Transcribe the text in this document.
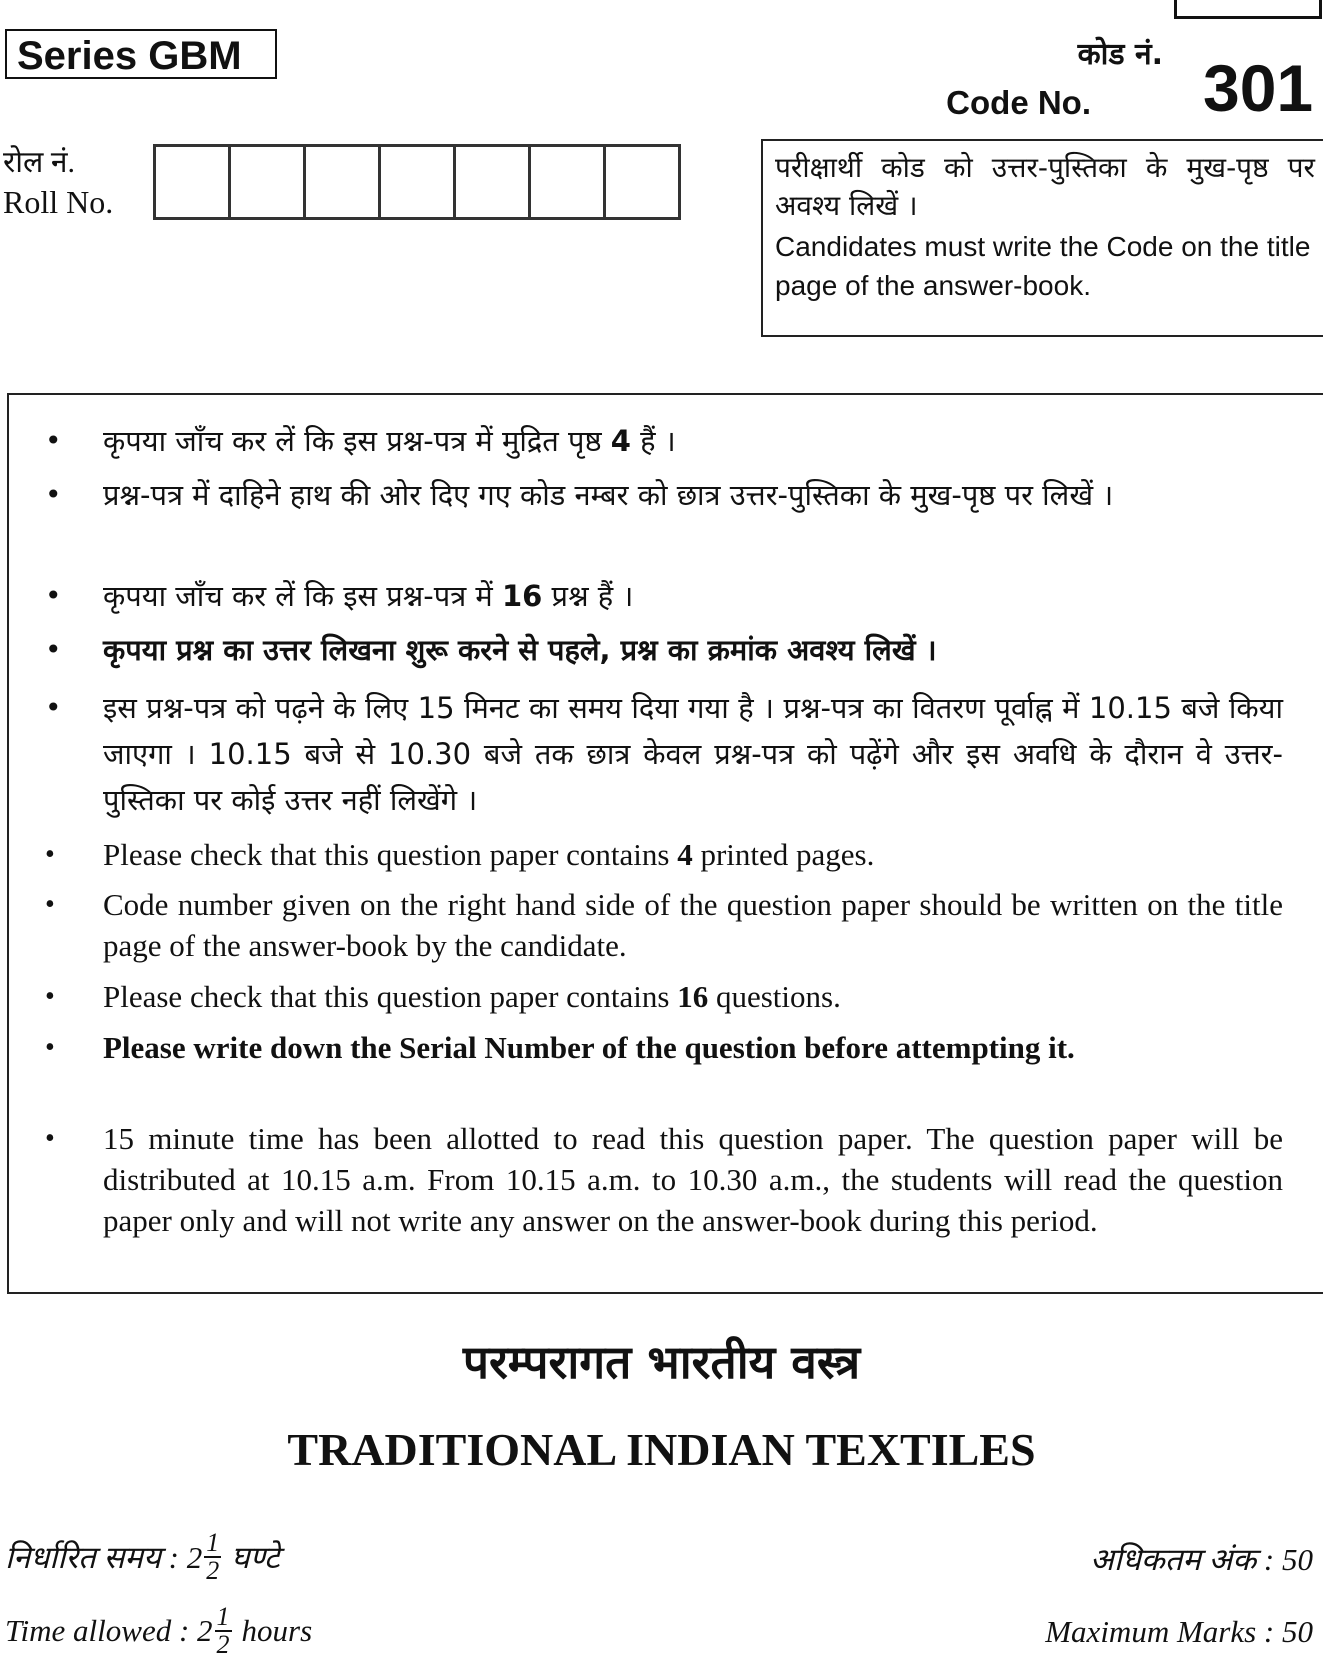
Series GBM	कोड नं.
Code No. 301
रोल नं.
Roll No.
परीक्षार्थी कोड को उत्तर-पुस्तिका के मुख-पृष्ठ पर अवश्य लिखें ।
Candidates must write the Code on the title page of the answer-book.
परम्परागत भारतीय वस्त्र
TRADITIONAL INDIAN TEXTILES
निर्धारित समय : $2 \frac{1}{2}$ घण्टे	अधिकतम अंक : 50
Time allowed : $2 \frac{1}{2}$ hours	Maximum Marks : 50
• कृपया जाँच कर लें कि इस प्रश्न-पत्र में मुद्रित पृष्ठ 4 हैं ।
• प्रश्न-पत्र में दाहिने हाथ की ओर दिए गए कोड नम्बर को छात्र उत्तर-पुस्तिका के मुख-पृष्ठ पर लिखें ।
• कृपया जाँच कर लें कि इस प्रश्न-पत्र में 16 प्रश्न हैं ।
• कृपया प्रश्न का उत्तर लिखना शुरू करने से पहले, प्रश्न का क्रमांक अवश्य लिखें ।
• इस प्रश्न-पत्र को पढ़ने के लिए 15 मिनट का समय दिया गया है । प्रश्न-पत्र का वितरण पूर्वाह्न में 10.15 बजे किया जाएगा । 10.15 बजे से 10.30 बजे तक छात्र केवल प्रश्न-पत्र को पढ़ेंगे और इस अवधि के दौरान वे उत्तर-पुस्तिका पर कोई उत्तर नहीं लिखेंगे ।
• Please check that this question paper contains 4 printed pages.
• Code number given on the right hand side of the question paper should be written on the title page of the answer-book by the candidate.
• Please check that this question paper contains 16 questions.
• Please write down the Serial Number of the question before attempting it.
• 15 minute time has been allotted to read this question paper. The question paper will be distributed at 10.15 a.m. From 10.15 a.m. to 10.30 a.m., the students will read the question paper only and will not write any answer on the answer-book during this period.
